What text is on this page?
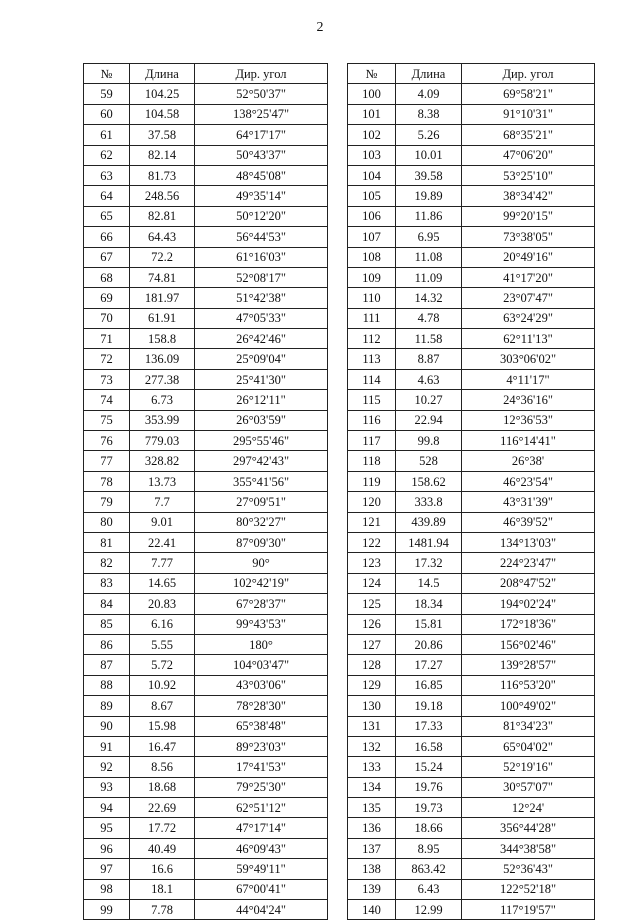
2
№	Длина	Дир. угол
59	104.25	52°50'37"
60	104.58	138°25'47"
61	37.58	64°17'17"
62	82.14	50°43'37"
63	81.73	48°45'08"
64	248.56	49°35'14"
65	82.81	50°12'20"
66	64.43	56°44'53"
67	72.2	61°16'03"
68	74.81	52°08'17"
69	181.97	51°42'38"
70	61.91	47°05'33"
71	158.8	26°42'46"
72	136.09	25°09'04"
73	277.38	25°41'30"
74	6.73	26°12'11"
75	353.99	26°03'59"
76	779.03	295°55'46"
77	328.82	297°42'43"
78	13.73	355°41'56"
79	7.7	27°09'51"
80	9.01	80°32'27"
81	22.41	87°09'30"
82	7.77	90°
83	14.65	102°42'19"
84	20.83	67°28'37"
85	6.16	99°43'53"
86	5.55	180°
87	5.72	104°03'47"
88	10.92	43°03'06"
89	8.67	78°28'30"
90	15.98	65°38'48"
91	16.47	89°23'03"
92	8.56	17°41'53"
93	18.68	79°25'30"
94	22.69	62°51'12"
95	17.72	47°17'14"
96	40.49	46°09'43"
97	16.6	59°49'11"
98	18.1	67°00'41"
99	7.78	44°04'24"
№	Длина	Дир. угол
100	4.09	69°58'21"
101	8.38	91°10'31"
102	5.26	68°35'21"
103	10.01	47°06'20"
104	39.58	53°25'10"
105	19.89	38°34'42"
106	11.86	99°20'15"
107	6.95	73°38'05"
108	11.08	20°49'16"
109	11.09	41°17'20"
110	14.32	23°07'47"
111	4.78	63°24'29"
112	11.58	62°11'13"
113	8.87	303°06'02"
114	4.63	4°11'17"
115	10.27	24°36'16"
116	22.94	12°36'53"
117	99.8	116°14'41"
118	528	26°38'
119	158.62	46°23'54"
120	333.8	43°31'39"
121	439.89	46°39'52"
122	1481.94	134°13'03"
123	17.32	224°23'47"
124	14.5	208°47'52"
125	18.34	194°02'24"
126	15.81	172°18'36"
127	20.86	156°02'46"
128	17.27	139°28'57"
129	16.85	116°53'20"
130	19.18	100°49'02"
131	17.33	81°34'23"
132	16.58	65°04'02"
133	15.24	52°19'16"
134	19.76	30°57'07"
135	19.73	12°24'
136	18.66	356°44'28"
137	8.95	344°38'58"
138	863.42	52°36'43"
139	6.43	122°52'18"
140	12.99	117°19'57"
